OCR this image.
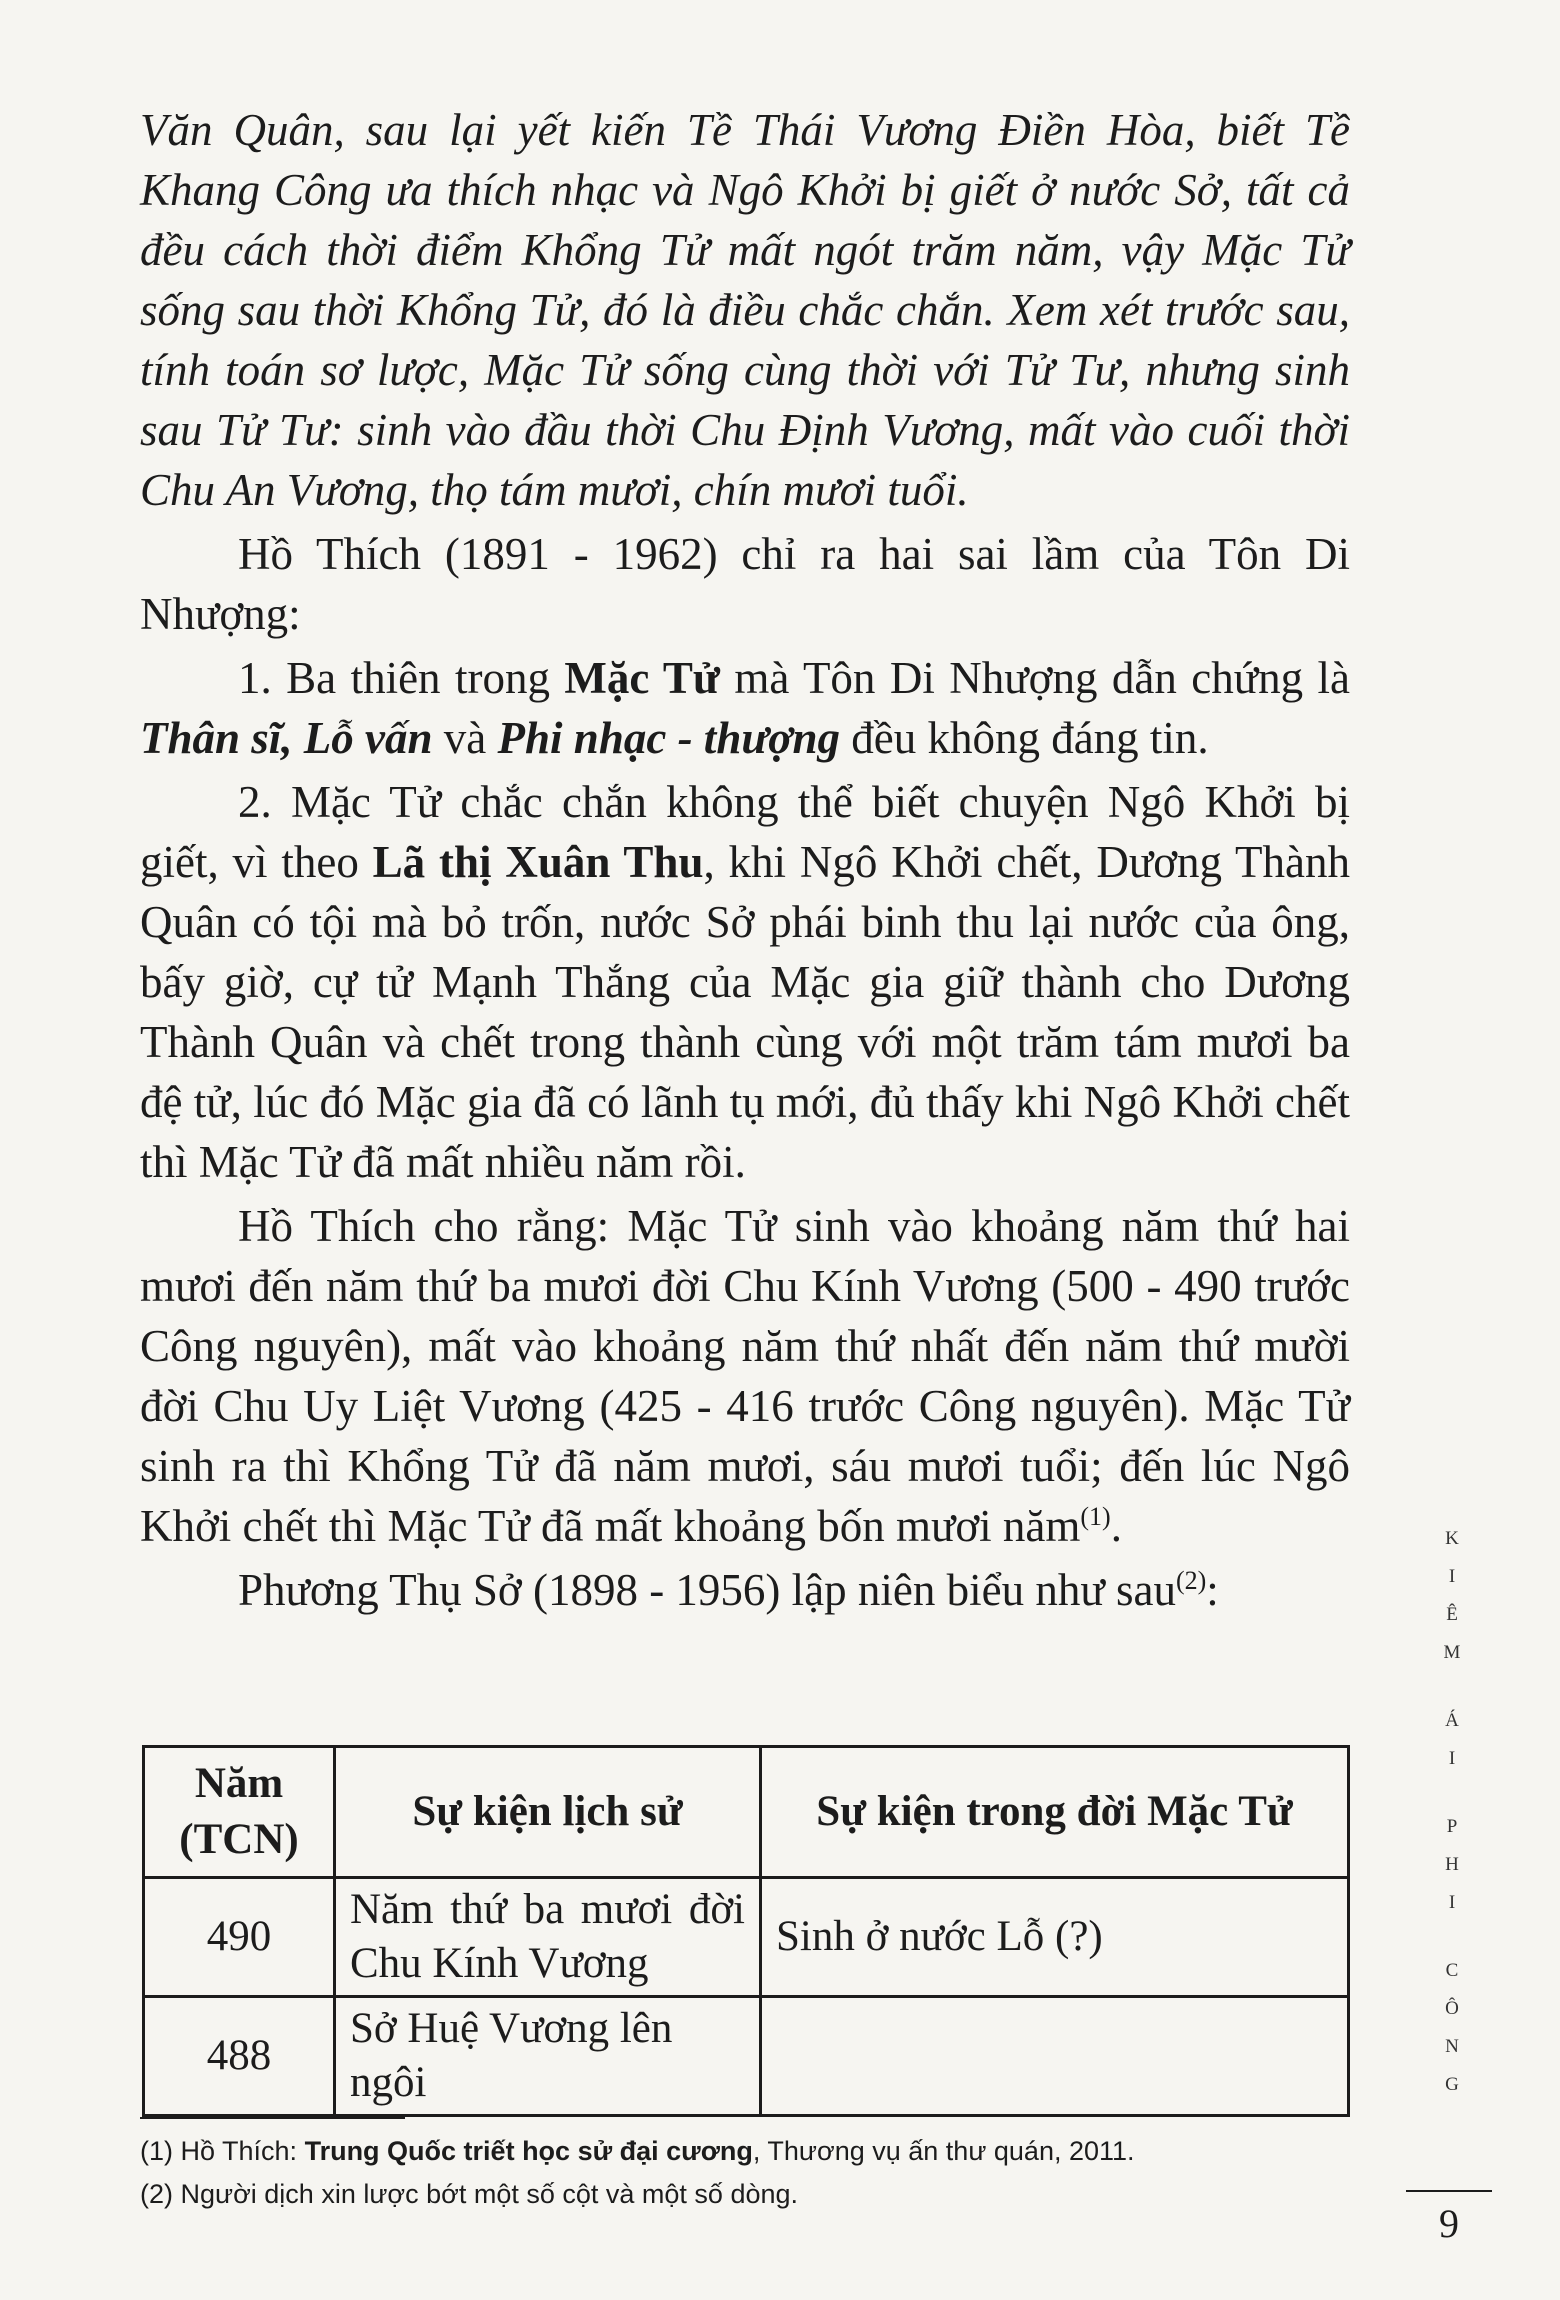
Văn Quân, sau lại yết kiến Tề Thái Vương Điền Hòa, biết Tề Khang Công ưa thích nhạc và Ngô Khởi bị giết ở nước Sở, tất cả đều cách thời điểm Khổng Tử mất ngót trăm năm, vậy Mặc Tử sống sau thời Khổng Tử, đó là điều chắc chắn. Xem xét trước sau, tính toán sơ lược, Mặc Tử sống cùng thời với Tử Tư, nhưng sinh sau Tử Tư: sinh vào đầu thời Chu Định Vương, mất vào cuối thời Chu An Vương, thọ tám mươi, chín mươi tuổi.

Hồ Thích (1891 - 1962) chỉ ra hai sai lầm của Tôn Di Nhượng:

1. Ba thiên trong Mặc Tử mà Tôn Di Nhượng dẫn chứng là Thân sĩ, Lỗ vấn và Phi nhạc - thượng đều không đáng tin.

2. Mặc Tử chắc chắn không thể biết chuyện Ngô Khởi bị giết, vì theo Lã thị Xuân Thu, khi Ngô Khởi chết, Dương Thành Quân có tội mà bỏ trốn, nước Sở phái binh thu lại nước của ông, bấy giờ, cự tử Mạnh Thắng của Mặc gia giữ thành cho Dương Thành Quân và chết trong thành cùng với một trăm tám mươi ba đệ tử, lúc đó Mặc gia đã có lãnh tụ mới, đủ thấy khi Ngô Khởi chết thì Mặc Tử đã mất nhiều năm rồi.

Hồ Thích cho rằng: Mặc Tử sinh vào khoảng năm thứ hai mươi đến năm thứ ba mươi đời Chu Kính Vương (500 - 490 trước Công nguyên), mất vào khoảng năm thứ nhất đến năm thứ mười đời Chu Uy Liệt Vương (425 - 416 trước Công nguyên). Mặc Tử sinh ra thì Khổng Tử đã năm mươi, sáu mươi tuổi; đến lúc Ngô Khởi chết thì Mặc Tử đã mất khoảng bốn mươi năm$^{(1)}$.

Phương Thụ Sở (1898 - 1956) lập niên biểu như sau$^{(2)}$:

Năm (TCN)	Sự kiện lịch sử	Sự kiện trong đời Mặc Tử
490	Năm thứ ba mươi đời Chu Kính Vương	Sinh ở nước Lỗ (?)
488	Sở Huệ Vương lên ngôi	
(1) Hồ Thích: Trung Quốc triết học sử đại cương, Thương vụ ấn thư quán, 2011.
(2) Người dịch xin lược bớt một số cột và một số dòng.
K
I
Ê
M
Á
I
P
H
I
C
Ô
N
G
9
